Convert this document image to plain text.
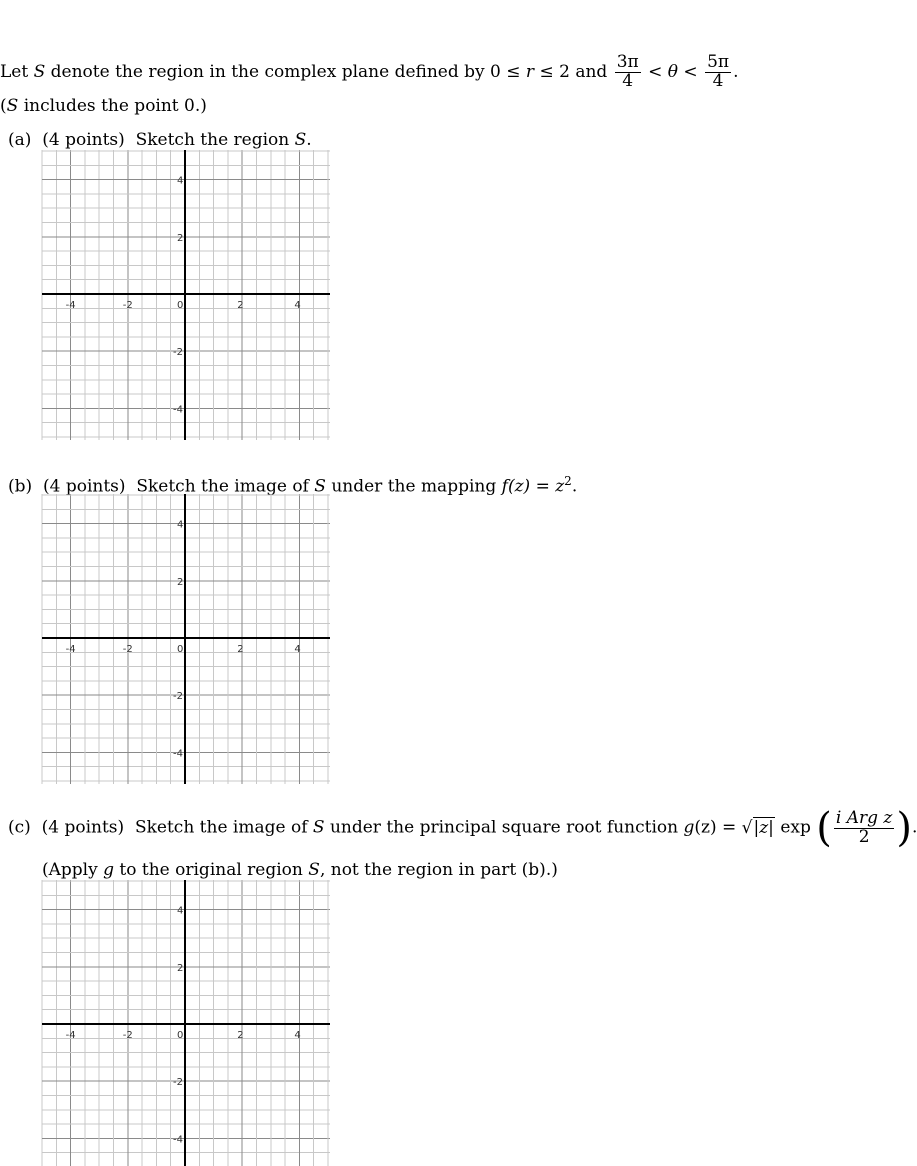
Let S denote the region in the complex plane defined by 0 ≤ r ≤ 2 and $\frac{3\pi}{4} < \theta < \frac{5\pi}{4}$ .
(S includes the point 0.)
(a) (4 points) Sketch the region S.
-4	-2	0	2	4
4
2
-2
-4
(b) (4 points) Sketch the image of S under the mapping $f(z) = z^2$.
-4	-2	0	2	4
4
2
-2
-4
(c) (4 points) Sketch the image of S under the principal square root function g(z) = √|z| exp ( $\frac{\text{i Arg z}}{2}$ ).
(Apply g to the original region S, not the region in part (b).)
-4	-2	0	2	4
4
2
-2
-4
